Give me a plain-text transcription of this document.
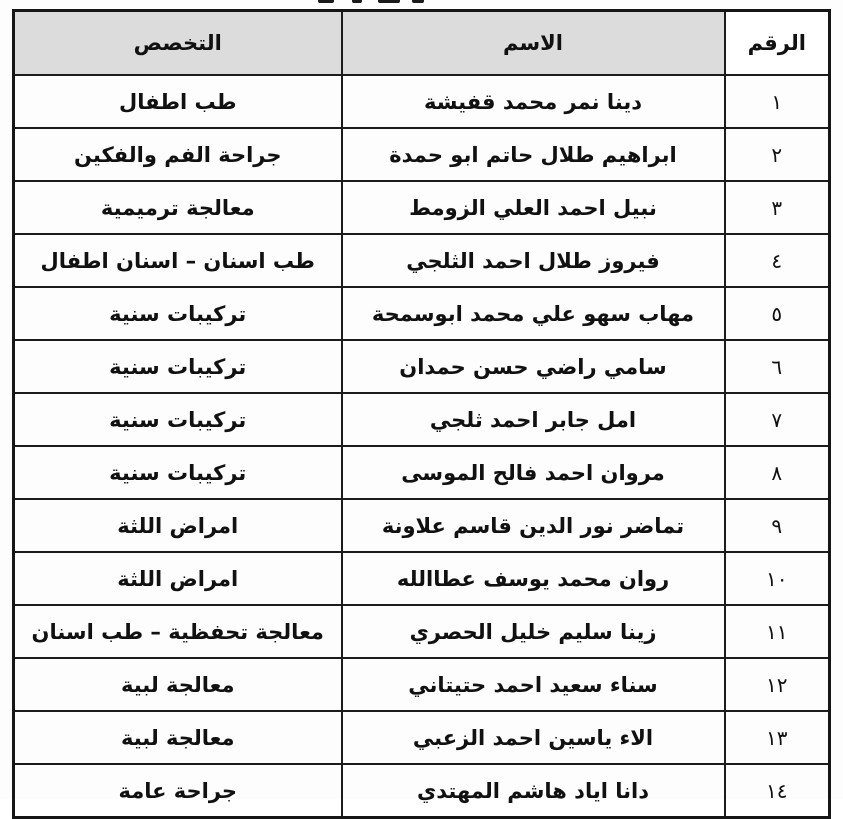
الرقم	الاسم	التخصص
١	دينا نمر محمد قفيشة	طب اطفال
٢	ابراهيم طلال حاتم ابو حمدة	جراحة الفم والفكين
٣	نبيل احمد العلي الزومط	معالجة ترميمية
٤	فيروز طلال احمد الثلجي	طب اسنان – اسنان اطفال
٥	مهاب سهو علي محمد ابوسمحة	تركيبات سنية
٦	سامي راضي حسن حمدان	تركيبات سنية
٧	امل جابر احمد ثلجي	تركيبات سنية
٨	مروان احمد فالح الموسى	تركيبات سنية
٩	تماضر نور الدين قاسم علاونة	امراض اللثة
١٠	روان محمد يوسف عطاالله	امراض اللثة
١١	زينا سليم خليل الحصري	معالجة تحفظية – طب اسنان
١٢	سناء سعيد احمد حتيتاني	معالجة لبية
١٣	الاء ياسين احمد الزعبي	معالجة لبية
١٤	دانا اياد هاشم المهتدي	جراحة عامة
